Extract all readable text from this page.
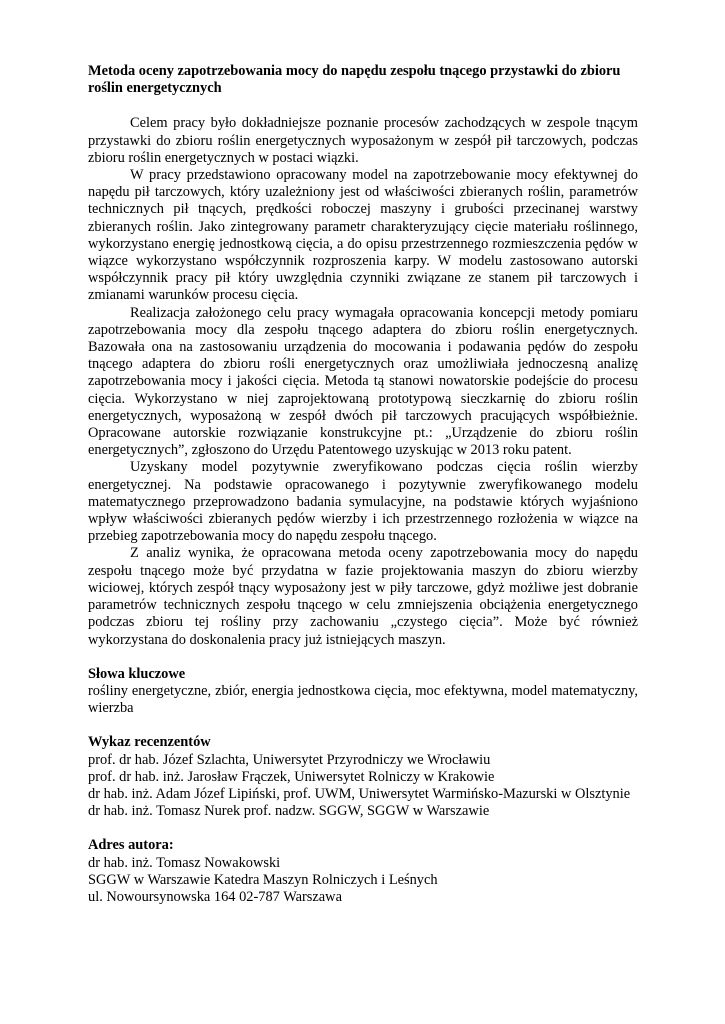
Metoda oceny zapotrzebowania mocy do napędu zespołu tnącego przystawki do zbioru roślin energetycznych

Celem pracy było dokładniejsze poznanie procesów zachodzących w zespole tnącym przystawki do zbioru roślin energetycznych wyposażonym w zespół pił tarczowych, podczas zbioru roślin energetycznych w postaci wiązki.

W pracy przedstawiono opracowany model na zapotrzebowanie mocy efektywnej do napędu pił tarczowych, który uzależniony jest od właściwości zbieranych roślin, parametrów technicznych pił tnących, prędkości roboczej maszyny i grubości przecinanej warstwy zbieranych roślin. Jako zintegrowany parametr charakteryzujący cięcie materiału roślinnego, wykorzystano energię jednostkową cięcia, a do opisu przestrzennego rozmieszczenia pędów w wiązce wykorzystano współczynnik rozproszenia karpy. W modelu zastosowano autorski współczynnik pracy pił który uwzględnia czynniki związane ze stanem pił tarczowych i zmianami warunków procesu cięcia.

Realizacja założonego celu pracy wymagała opracowania koncepcji metody pomiaru zapotrzebowania mocy dla zespołu tnącego adaptera do zbioru roślin energetycznych. Bazowała ona na zastosowaniu urządzenia do mocowania i podawania pędów do zespołu tnącego adaptera do zbioru rośli energetycznych oraz umożliwiała jednoczesną analizę zapotrzebowania mocy i jakości cięcia. Metoda tą stanowi nowatorskie podejście do procesu cięcia. Wykorzystano w niej zaprojektowaną prototypową sieczkarnię do zbioru roślin energetycznych, wyposażoną w zespół dwóch pił tarczowych pracujących współbieżnie. Opracowane autorskie rozwiązanie konstrukcyjne pt.: „Urządzenie do zbioru roślin energetycznych”, zgłoszono do Urzędu Patentowego uzyskując w 2013 roku patent.

Uzyskany model pozytywnie zweryfikowano podczas cięcia roślin wierzby energetycznej. Na podstawie opracowanego i pozytywnie zweryfikowanego modelu matematycznego przeprowadzono badania symulacyjne, na podstawie których wyjaśniono wpływ właściwości zbieranych pędów wierzby i ich przestrzennego rozłożenia w wiązce na przebieg zapotrzebowania mocy do napędu zespołu tnącego.

Z analiz wynika, że opracowana metoda oceny zapotrzebowania mocy do napędu zespołu tnącego może być przydatna w fazie projektowania maszyn do zbioru wierzby wiciowej, których zespół tnący wyposażony jest w piły tarczowe, gdyż możliwe jest dobranie parametrów technicznych zespołu tnącego w celu zmniejszenia obciążenia energetycznego podczas zbioru tej rośliny przy zachowaniu „czystego cięcia”. Może być również wykorzystana do doskonalenia pracy już istniejących maszyn.

Słowa kluczowe

rośliny energetyczne, zbiór, energia jednostkowa cięcia, moc efektywna, model matematyczny, wierzba

Wykaz recenzentów

prof. dr hab. Józef Szlachta, Uniwersytet Przyrodniczy we Wrocławiu

prof. dr hab. inż. Jarosław Frączek, Uniwersytet Rolniczy w Krakowie

dr hab. inż. Adam Józef Lipiński, prof. UWM, Uniwersytet Warmińsko-Mazurski w Olsztynie

dr hab. inż. Tomasz Nurek prof. nadzw. SGGW, SGGW w Warszawie

Adres autora:

dr hab. inż. Tomasz Nowakowski

SGGW w Warszawie Katedra Maszyn Rolniczych i Leśnych

ul. Nowoursynowska 164 02-787 Warszawa
